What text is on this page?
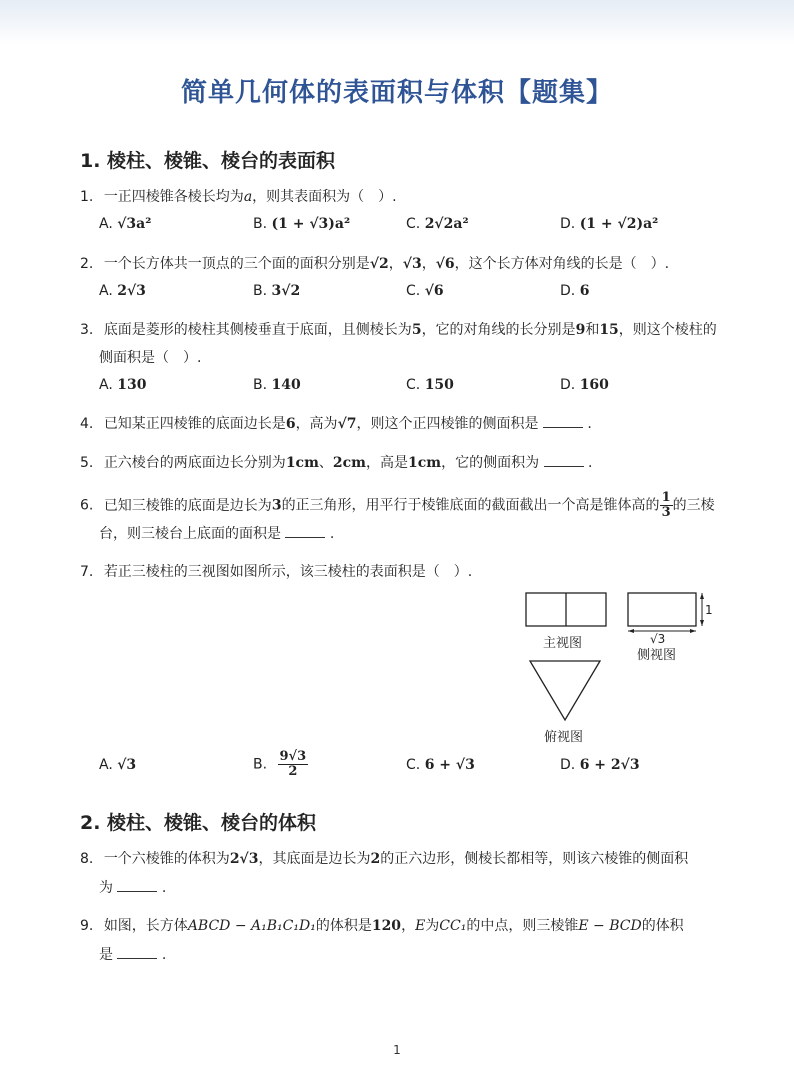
简单几何体的表面积与体积【题集】
1. 棱柱、棱锥、棱台的表面积
1. 一正四棱锥各棱长均为a，则其表面积为（　）.
A. √3a²	B. (1 + √3)a²	C. 2√2a²	D. (1 + √2)a²
2. 一个长方体共一顶点的三个面的面积分别是√2，√3，√6，这个长方体对角线的长是（　）.
A. 2√3	B. 3√2	C. √6	D. 6
3. 底面是菱形的棱柱其侧棱垂直于底面，且侧棱长为5，它的对角线的长分别是9和15，则这个棱柱的
侧面积是（　）.
A. 130	B. 140	C. 150	D. 160
4. 已知某正四棱锥的底面边长是6，高为√7，则这个正四棱锥的侧面积是	.
5. 正六棱台的两底面边长分别为1cm、2cm，高是1cm，它的侧面积为	.
6. 已知三棱锥的底面是边长为3的正三角形，用平行于棱锥底面的截面截出一个高是锥体高的 $\frac{1}{3}$ 的三棱
台，则三棱台上底面的面积是	.
7. 若正三棱柱的三视图如图所示，该三棱柱的表面积是（　）.
1
√3
主视图
侧视图
俯视图
A. √3	B. $\frac{9√3}{2}$	C. 6 + √3	D. 6 + 2√3
2. 棱柱、棱锥、棱台的体积
8. 一个六棱锥的体积为2√3，其底面是边长为2的正六边形，侧棱长都相等，则该六棱锥的侧面积
为	.
9. 如图，长方体ABCD − A₁B₁C₁D₁的体积是120，E为CC₁的中点，则三棱锥E − BCD的体积
是	.
1
